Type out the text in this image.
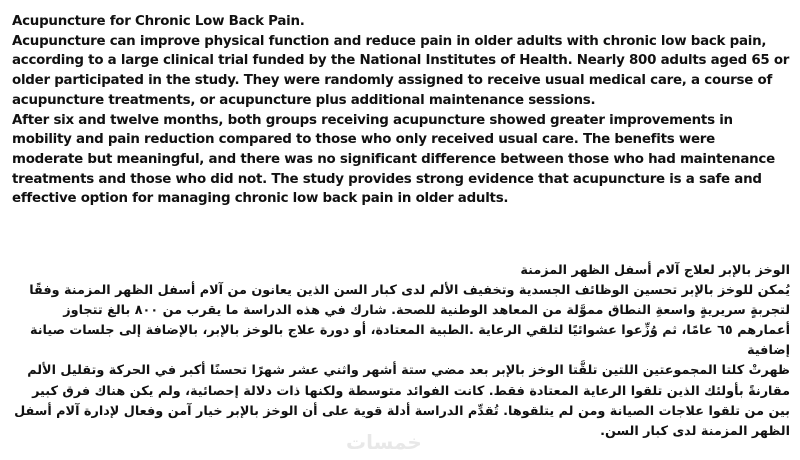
Acupuncture for Chronic Low Back Pain.

Acupuncture can improve physical function and reduce pain in older adults with chronic low back pain, according to a large clinical trial funded by the National Institutes of Health. Nearly 800 adults aged 65 or older participated in the study. They were randomly assigned to receive usual medical care, a course of acupuncture treatments, or acupuncture plus additional maintenance sessions.

After six and twelve months, both groups receiving acupuncture showed greater improvements in mobility and pain reduction compared to those who only received usual care. The benefits were moderate but meaningful, and there was no significant difference between those who had maintenance treatments and those who did not. The study provides strong evidence that acupuncture is a safe and effective option for managing chronic low back pain in older adults.

الوخز بالإبر لعلاج آلام أسفل الظهر المزمنة

يُمكن للوخز بالإبر تحسين الوظائف الجسدية وتخفيف الألم لدى كبار السن الذين يعانون من آلام أسفل الظهر المزمنة وفقًا لتجربةٍ سريريةٍ واسعةِ النطاق مموَّلة من المعاهد الوطنية للصحة. شارك في هذه الدراسة ما يقرب من ٨٠٠ بالغ تتجاوز أعمارهم ٦٥ عامًا، ثم وُزِّعوا عشوائيًا لتلقي الرعاية .الطبية المعتادة، أو دورة علاج بالوخز بالإبر، بالإضافة إلى جلسات صيانة إضافية

ظهرتْ كلتا المجموعتين اللتين تلقَّتا الوخز بالإبر بعد مضي ستة أشهر واثني عشر شهرًا تحسنًا أكبر في الحركة وتقليل الألم مقارنةً بأولئك الذين تلقوا الرعاية المعتادة فقط. كانت الفوائد متوسطة ولكنها ذات دلالة إحصائية، ولم يكن هناك فرق كبير بين من تلقوا علاجات الصيانة ومن لم يتلقوها. تُقدِّم الدراسة أدلة قوية على أن الوخز بالإبر خيار آمن وفعال لإدارة آلام أسفل الظهر المزمنة لدى كبار السن.

خمسات
